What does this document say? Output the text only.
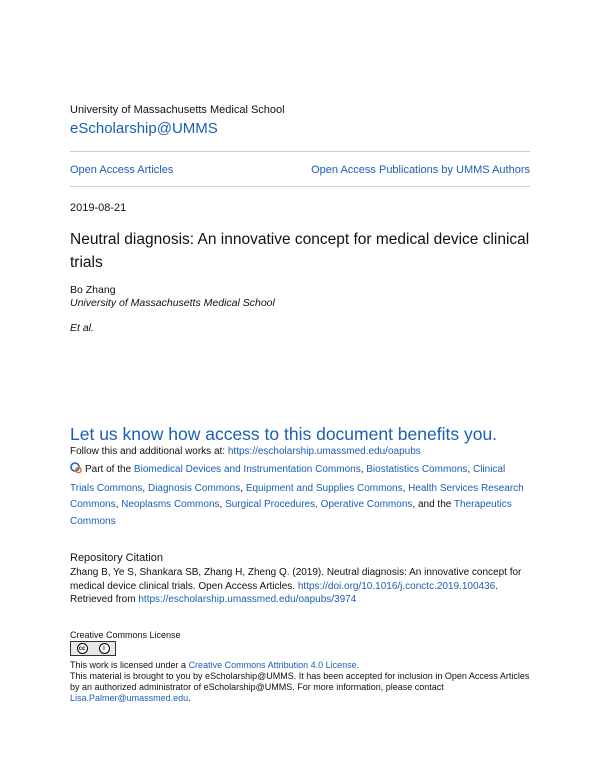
University of Massachusetts Medical School
eScholarship@UMMS
Open Access Articles	Open Access Publications by UMMS Authors
2019-08-21
Neutral diagnosis: An innovative concept for medical device clinical trials
Bo Zhang
University of Massachusetts Medical School
Et al.
Let us know how access to this document benefits you.
Follow this and additional works at: https://escholarship.umassmed.edu/oapubs
Part of the Biomedical Devices and Instrumentation Commons, Biostatistics Commons, Clinical Trials Commons, Diagnosis Commons, Equipment and Supplies Commons, Health Services Research Commons, Neoplasms Commons, Surgical Procedures, Operative Commons, and the Therapeutics Commons
Repository Citation
Zhang B, Ye S, Shankara SB, Zhang H, Zheng Q. (2019). Neutral diagnosis: An innovative concept for medical device clinical trials. Open Access Articles. https://doi.org/10.1016/j.conctc.2019.100436. Retrieved from https://escholarship.umassmed.edu/oapubs/3974
Creative Commons License
cc	i
This work is licensed under a Creative Commons Attribution 4.0 License.
This material is brought to you by eScholarship@UMMS. It has been accepted for inclusion in Open Access Articles by an authorized administrator of eScholarship@UMMS. For more information, please contact Lisa.Palmer@umassmed.edu.
